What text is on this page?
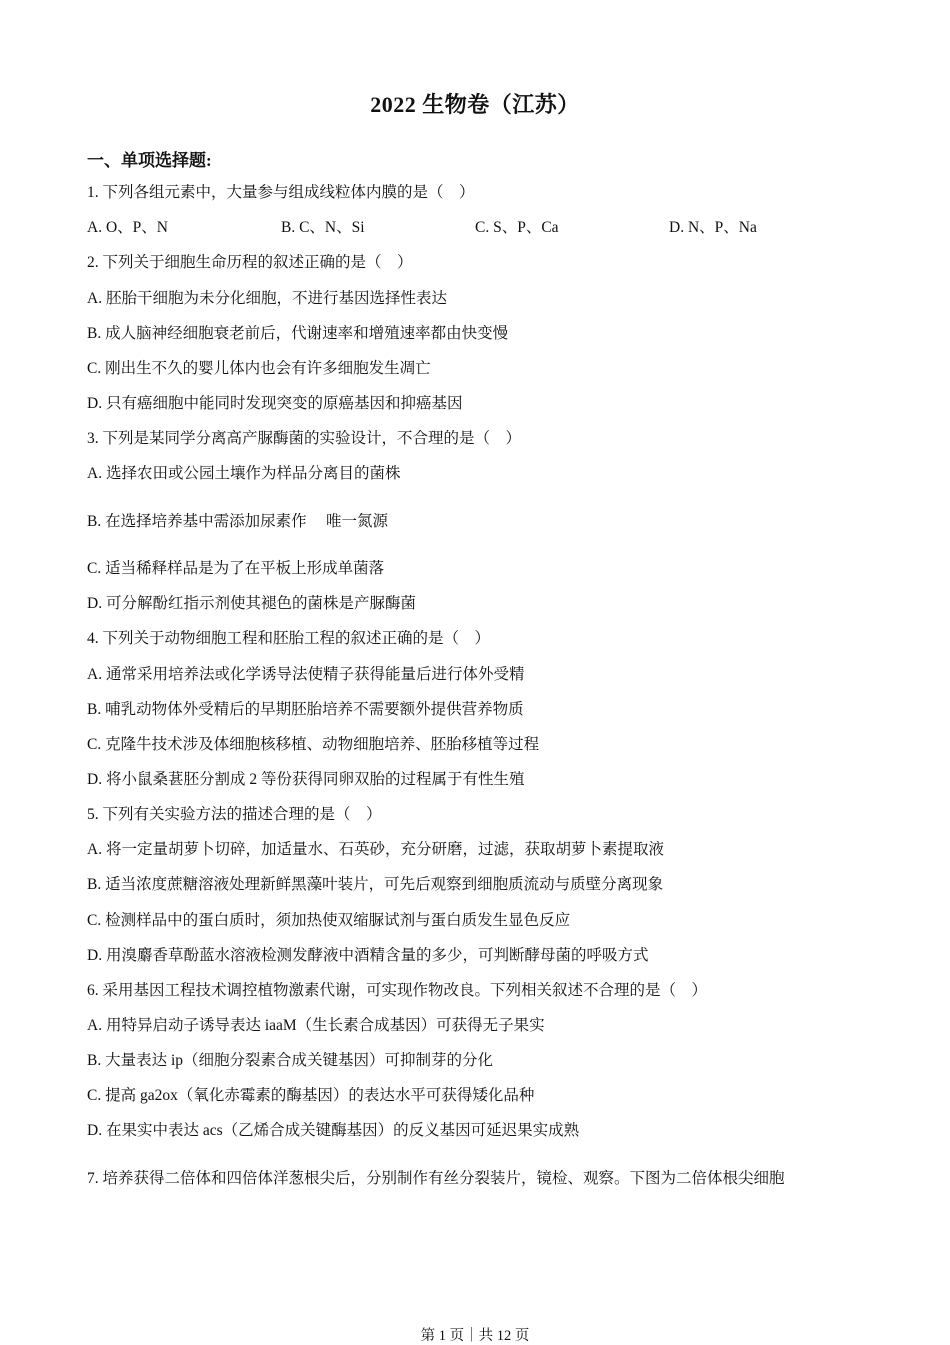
2022 生物卷（江苏）
一、单项选择题:
1. 下列各组元素中，大量参与组成线粒体内膜的是（　）
A. O、P、N	B. C、N、Si	C. S、P、Ca	D. N、P、Na
2. 下列关于细胞生命历程的叙述正确的是（　）
A. 胚胎干细胞为未分化细胞，不进行基因选择性表达
B. 成人脑神经细胞衰老前后，代谢速率和增殖速率都由快变慢
C. 刚出生不久的婴儿体内也会有许多细胞发生凋亡
D. 只有癌细胞中能同时发现突变的原癌基因和抑癌基因
3. 下列是某同学分离高产脲酶菌的实验设计，不合理的是（　）
A. 选择农田或公园土壤作为样品分离目的菌株
B. 在选择培养基中需添加尿素作　 唯一氮源
C. 适当稀释样品是为了在平板上形成单菌落
D. 可分解酚红指示剂使其褪色的菌株是产脲酶菌
4. 下列关于动物细胞工程和胚胎工程的叙述正确的是（　）
A. 通常采用培养法或化学诱导法使精子获得能量后进行体外受精
B. 哺乳动物体外受精后的早期胚胎培养不需要额外提供营养物质
C. 克隆牛技术涉及体细胞核移植、动物细胞培养、胚胎移植等过程
D. 将小鼠桑葚胚分割成 2 等份获得同卵双胎的过程属于有性生殖
5. 下列有关实验方法的描述合理的是（　）
A. 将一定量胡萝卜切碎，加适量水、石英砂，充分研磨，过滤，获取胡萝卜素提取液
B. 适当浓度蔗糖溶液处理新鲜黑藻叶装片，可先后观察到细胞质流动与质壁分离现象
C. 检测样品中的蛋白质时，须加热使双缩脲试剂与蛋白质发生显色反应
D. 用溴麝香草酚蓝水溶液检测发酵液中酒精含量的多少，可判断酵母菌的呼吸方式
6. 采用基因工程技术调控植物激素代谢，可实现作物改良。下列相关叙述不合理的是（　）
A. 用特异启动子诱导表达 iaaM（生长素合成基因）可获得无子果实
B. 大量表达 ip（细胞分裂素合成关键基因）可抑制芽的分化
C. 提高 ga2ox（氧化赤霉素的酶基因）的表达水平可获得矮化品种
D. 在果实中表达 acs（乙烯合成关键酶基因）的反义基因可延迟果实成熟
7. 培养获得二倍体和四倍体洋葱根尖后，分别制作有丝分裂装片，镜检、观察。下图为二倍体根尖细胞
第 1 页｜共 12 页
